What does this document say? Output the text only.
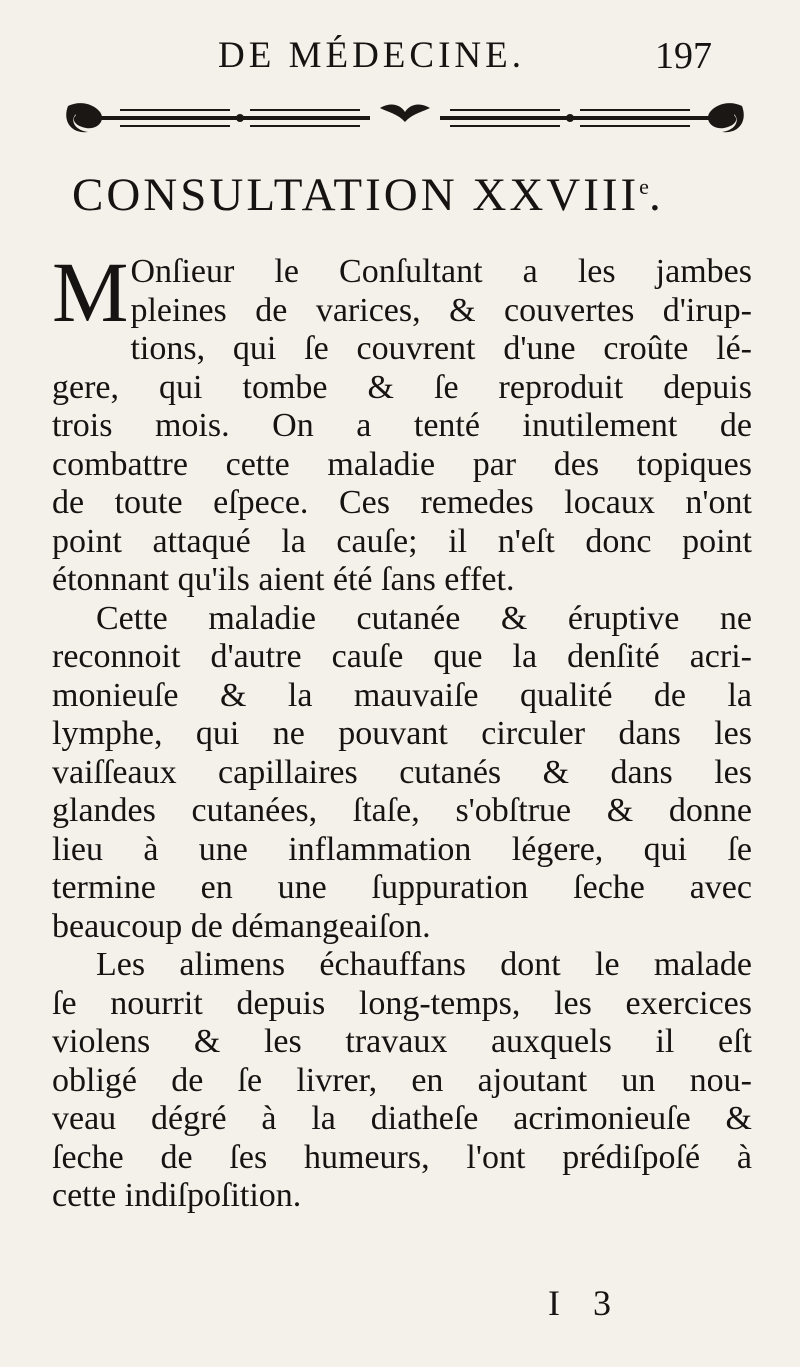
DE MÉDECINE.	197
CONSULTATION XXVIIIe.
M Onſieur le Conſultant a les jambes
pleines de varices, & couvertes d'irup-
tions, qui ſe couvrent d'une croûte lé-
gere, qui tombe & ſe reproduit depuis
trois mois. On a tenté inutilement de
combattre cette maladie par des topiques
de toute eſpece. Ces remedes locaux n'ont
point attaqué la cauſe; il n'eſt donc point
étonnant qu'ils aient été ſans effet.
Cette maladie cutanée & éruptive ne
reconnoit d'autre cauſe que la denſité acri-
monieuſe & la mauvaiſe qualité de la
lymphe, qui ne pouvant circuler dans les
vaiſſeaux capillaires cutanés & dans les
glandes cutanées, ſtaſe, s'obſtrue & donne
lieu à une inflammation légere, qui ſe
termine en une ſuppuration ſeche avec
beaucoup de démangeaiſon.
Les alimens échauffans dont le malade
ſe nourrit depuis long-temps, les exercices
violens & les travaux auxquels il eſt
obligé de ſe livrer, en ajoutant un nou-
veau dégré à la diatheſe acrimonieuſe &
ſeche de ſes humeurs, l'ont prédiſpoſé à
cette indiſpoſition.
I 3
